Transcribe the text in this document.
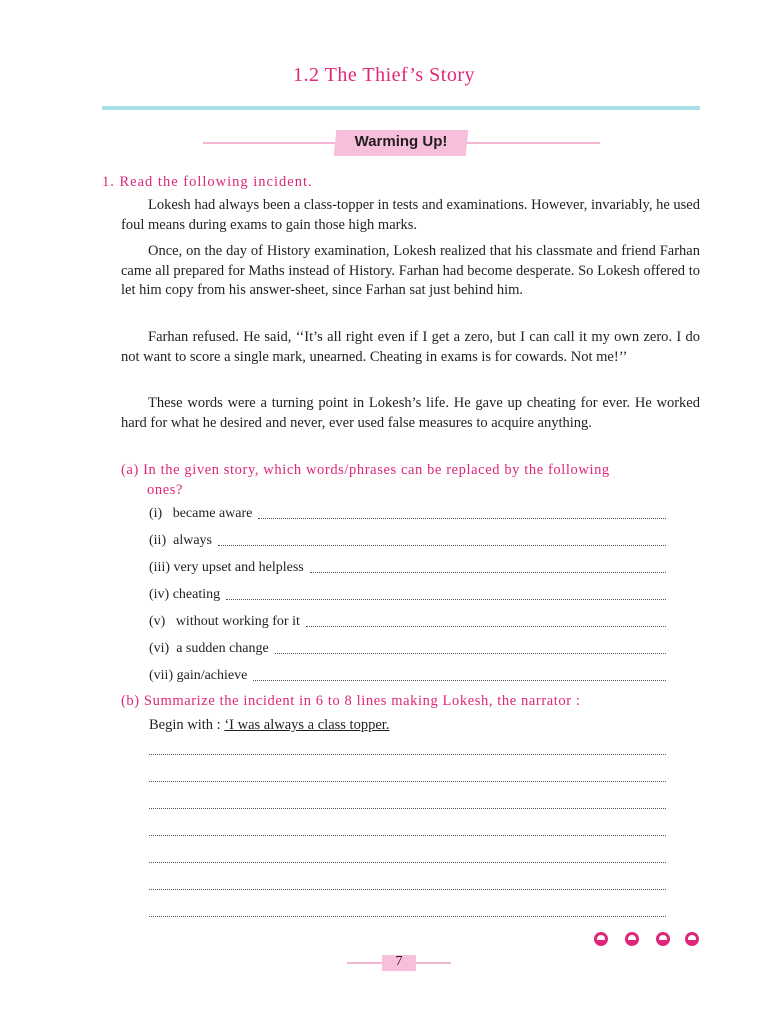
1.2 The Thief’s Story
Warming Up!
1. Read the following incident.

Lokesh had always been a class-topper in tests and examinations. However, invariably, he used foul means during exams to gain those high marks.

Once, on the day of History examination, Lokesh realized that his classmate and friend Farhan came all prepared for Maths instead of History. Farhan had become desperate. So Lokesh offered to let him copy from his answer-sheet, since Farhan sat just behind him.

Farhan refused. He said, ‘‘It’s all right even if I get a zero, but I can call it my own zero. I do not want to score a single mark, unearned. Cheating in exams is for cowards. Not me!’’

These words were a turning point in Lokesh’s life. He gave up cheating for ever. He worked hard for what he desired and never, ever used false measures to acquire anything.

(a) In the given story, which words/phrases can be replaced by the following
ones?
(i)   became aware
(ii)  always
(iii) very upset and helpless
(iv) cheating
(v)   without working for it
(vi)  a sudden change
(vii) gain/achieve
(b) Summarize the incident in 6 to 8 lines making Lokesh, the narrator :
Begin with : ‘I was always a class topper.
7
